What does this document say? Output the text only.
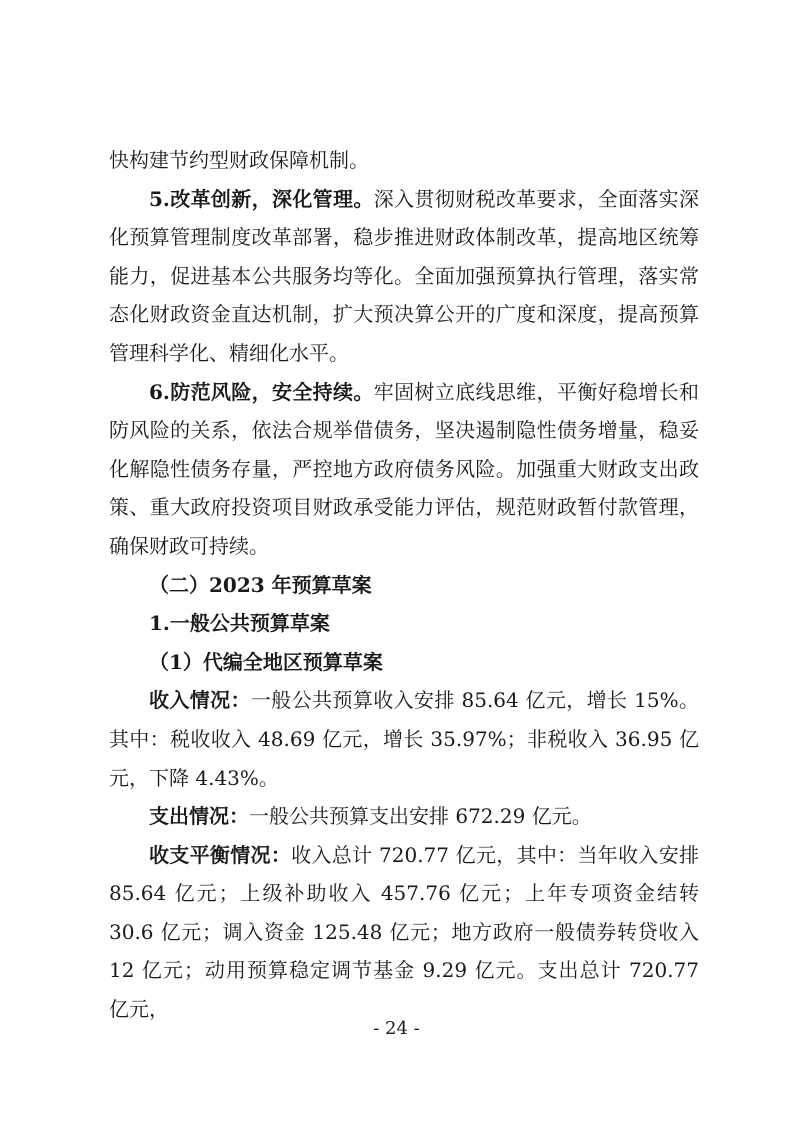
快构建节约型财政保障机制。

5.改革创新，深化管理。深入贯彻财税改革要求，全面落实深化预算管理制度改革部署，稳步推进财政体制改革，提高地区统筹能力，促进基本公共服务均等化。全面加强预算执行管理，落实常态化财政资金直达机制，扩大预决算公开的广度和深度，提高预算管理科学化、精细化水平。

6.防范风险，安全持续。牢固树立底线思维，平衡好稳增长和防风险的关系，依法合规举借债务，坚决遏制隐性债务增量，稳妥化解隐性债务存量，严控地方政府债务风险。加强重大财政支出政策、重大政府投资项目财政承受能力评估，规范财政暂付款管理，确保财政可持续。

（二）2023 年预算草案

1.一般公共预算草案

（1）代编全地区预算草案

收入情况：一般公共预算收入安排 85.64 亿元，增长 15%。其中：税收收入 48.69 亿元，增长 35.97%；非税收入 36.95 亿元，下降 4.43%。

支出情况：一般公共预算支出安排 672.29 亿元。

收支平衡情况：收入总计 720.77 亿元，其中：当年收入安排 85.64 亿元；上级补助收入 457.76 亿元；上年专项资金结转 30.6 亿元；调入资金 125.48 亿元；地方政府一般债券转贷收入 12 亿元；动用预算稳定调节基金 9.29 亿元。支出总计 720.77 亿元，

- 24 -
